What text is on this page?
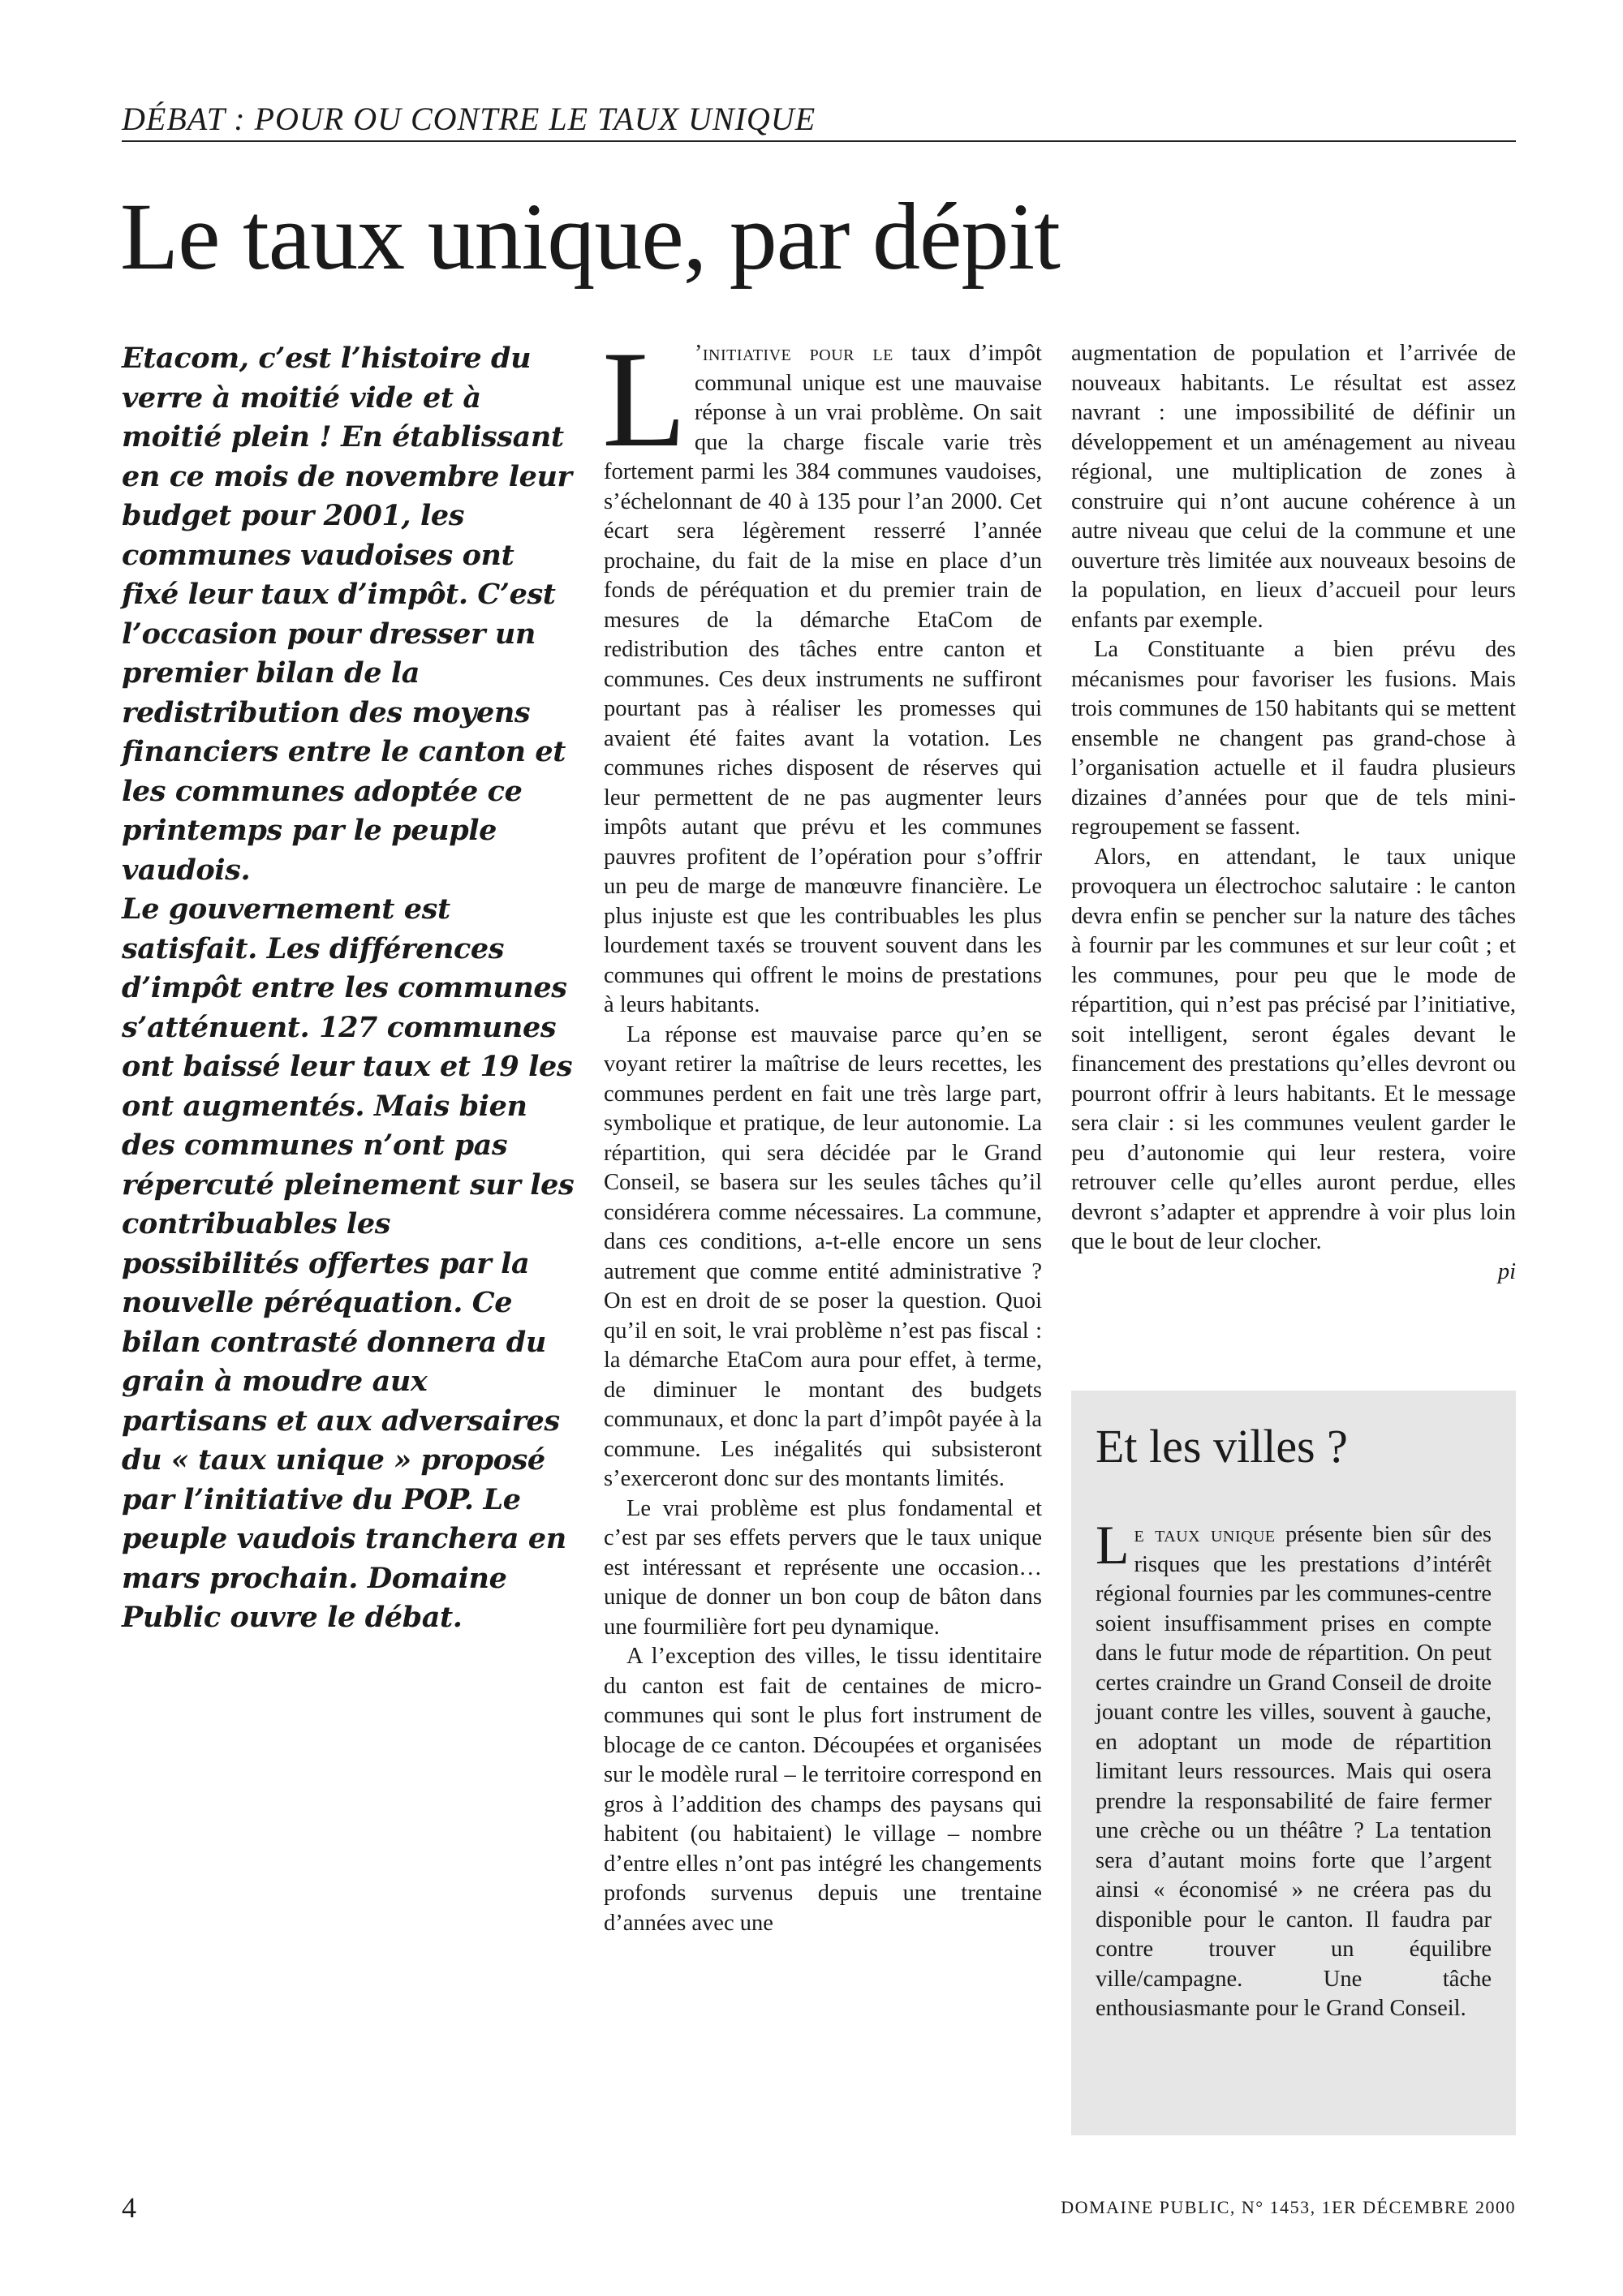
DÉBAT : POUR OU CONTRE LE TAUX UNIQUE
Le taux unique, par dépit

Etacom, c’est l’histoire du verre à moitié vide et à moitié plein ! En établissant en ce mois de novembre leur budget pour 2001, les communes vaudoises ont fixé leur taux d’impôt. C’est l’occasion pour dresser un premier bilan de la redistribution des moyens financiers entre le canton et les communes adoptée ce printemps par le peuple vaudois.

Le gouvernement est satisfait. Les différences d’impôt entre les communes s’atténuent. 127 communes ont baissé leur taux et 19 les ont augmentés. Mais bien des communes n’ont pas répercuté pleinement sur les contribuables les possibilités offertes par la nouvelle péréquation. Ce bilan contrasté donnera du grain à moudre aux partisans et aux adversaires du « taux unique » proposé par l’initiative du POP. Le peuple vaudois tranchera en mars prochain. Domaine Public ouvre le débat.

L ’initiative pour le taux d’impôt communal unique est une mauvaise réponse à un vrai problème. On sait que la charge fiscale varie très fortement parmi les 384 communes vaudoises, s’échelonnant de 40 à 135 pour l’an 2000. Cet écart sera légèrement resserré l’année prochaine, du fait de la mise en place d’un fonds de péréquation et du premier train de mesures de la démarche EtaCom de redistribution des tâches entre canton et communes. Ces deux instruments ne suffiront pourtant pas à réaliser les promesses qui avaient été faites avant la votation. Les communes riches disposent de réserves qui leur permettent de ne pas augmenter leurs impôts autant que prévu et les communes pauvres profitent de l’opération pour s’offrir un peu de marge de manœuvre financière. Le plus injuste est que les contribuables les plus lourdement taxés se trouvent souvent dans les communes qui offrent le moins de prestations à leurs habitants.

La réponse est mauvaise parce qu’en se voyant retirer la maîtrise de leurs recettes, les communes perdent en fait une très large part, symbolique et pratique, de leur autonomie. La répartition, qui sera décidée par le Grand Conseil, se basera sur les seules tâches qu’il considérera comme nécessaires. La commune, dans ces conditions, a-t-elle encore un sens autrement que comme entité administrative ? On est en droit de se poser la question. Quoi qu’il en soit, le vrai problème n’est pas fiscal : la démarche EtaCom aura pour effet, à terme, de diminuer le montant des budgets communaux, et donc la part d’impôt payée à la commune. Les inégalités qui subsisteront s’exerceront donc sur des montants limités.

Le vrai problème est plus fondamental et c’est par ses effets pervers que le taux unique est intéressant et représente une occasion… unique de donner un bon coup de bâton dans une fourmilière fort peu dynamique.

A l’exception des villes, le tissu identitaire du canton est fait de centaines de micro-communes qui sont le plus fort instrument de blocage de ce canton. Découpées et organisées sur le modèle rural – le territoire correspond en gros à l’addition des champs des paysans qui habitent (ou habitaient) le village – nombre d’entre elles n’ont pas intégré les changements profonds survenus depuis une trentaine d’années avec une

augmentation de population et l’arrivée de nouveaux habitants. Le résultat est assez navrant : une impossibilité de définir un développement et un aménagement au niveau régional, une multiplication de zones à construire qui n’ont aucune cohérence à un autre niveau que celui de la commune et une ouverture très limitée aux nouveaux besoins de la population, en lieux d’accueil pour leurs enfants par exemple.

La Constituante a bien prévu des mécanismes pour favoriser les fusions. Mais trois communes de 150 habitants qui se mettent ensemble ne changent pas grand-chose à l’organisation actuelle et il faudra plusieurs dizaines d’années pour que de tels mini-regroupement se fassent.

Alors, en attendant, le taux unique provoquera un électrochoc salutaire : le canton devra enfin se pencher sur la nature des tâches à fournir par les communes et sur leur coût ; et les communes, pour peu que le mode de répartition, qui n’est pas précisé par l’initiative, soit intelligent, seront égales devant le financement des prestations qu’elles devront ou pourront offrir à leurs habitants. Et le message sera clair : si les communes veulent garder le peu d’autonomie qui leur restera, voire retrouver celle qu’elles auront perdue, elles devront s’adapter et apprendre à voir plus loin que le bout de leur clocher.

pi

Et les villes ?

Le taux unique présente bien sûr des risques que les prestations d’intérêt régional fournies par les communes-centre soient insuffisamment prises en compte dans le futur mode de répartition. On peut certes craindre un Grand Conseil de droite jouant contre les villes, souvent à gauche, en adoptant un mode de répartition limitant leurs ressources. Mais qui osera prendre la responsabilité de faire fermer une crèche ou un théâtre ? La tentation sera d’autant moins forte que l’argent ainsi « économisé » ne créera pas du disponible pour le canton. Il faudra par contre trouver un équilibre ville/campagne. Une tâche enthousiasmante pour le Grand Conseil.

4	DOMAINE PUBLIC, N° 1453, 1ER DÉCEMBRE 2000
